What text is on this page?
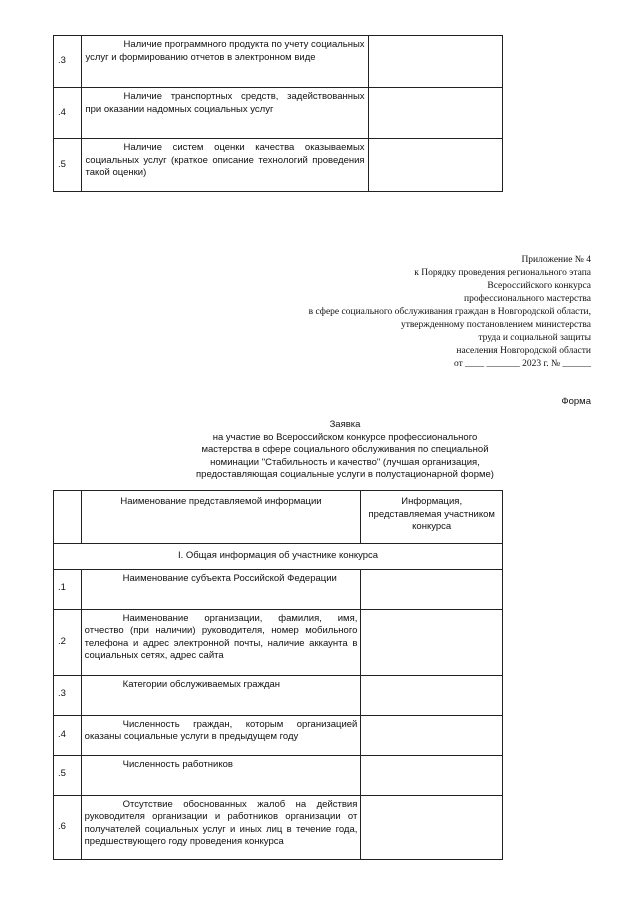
.3	Наличие программного продукта по учету социальных услуг и формированию отчетов в электронном виде	
.4	Наличие транспортных средств, задействованных при оказании надомных социальных услуг	
.5	Наличие систем оценки качества оказываемых социальных услуг (краткое описание технологий проведения такой оценки)	
Приложение № 4
к Порядку проведения регионального этапа
Всероссийского конкурса
профессионального мастерства
в сфере социального обслуживания граждан в Новгородской области,
утвержденному постановлением министерства
труда и социальной защиты
населения Новгородской области
от ____ _______ 2023 г. № ______
Форма
Заявка
на участие во Всероссийском конкурсе профессионального
мастерства в сфере социального обслуживания по специальной
номинации "Стабильность и качество" (лучшая организация,
предоставляющая социальные услуги в полустационарной форме)
	Наименование представляемой информации	Информация, представляемая участником конкурса
I. Общая информация об участнике конкурса		
.1	Наименование субъекта Российской Федерации	
.2	Наименование организации, фамилия, имя, отчество (при наличии) руководителя, номер мобильного телефона и адрес электронной почты, наличие аккаунта в социальных сетях, адрес сайта	
.3	Категории обслуживаемых граждан	
.4	Численность граждан, которым организацией оказаны социальные услуги в предыдущем году	
.5	Численность работников	
.6	Отсутствие обоснованных жалоб на действия руководителя организации и работников организации от получателей социальных услуг и иных лиц в течение года, предшествующего году проведения конкурса	
